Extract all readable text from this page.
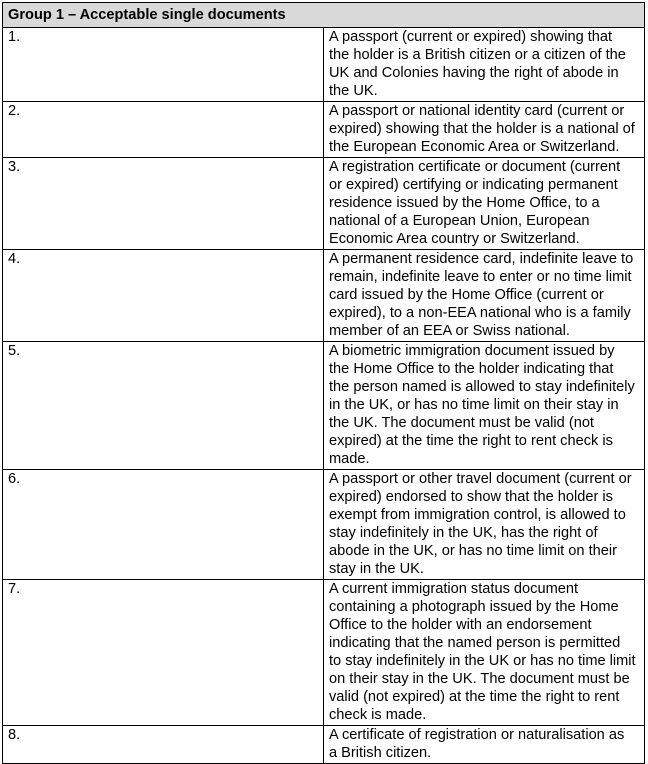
Group 1 – Acceptable single documents	
1.	A passport (current or expired) showing that the holder is a British citizen or a citizen of the UK and Colonies having the right of abode in the UK.
2.	A passport or national identity card (current or expired) showing that the holder is a national of the European Economic Area or Switzerland.
3.	A registration certificate or document (current or expired) certifying or indicating permanent residence issued by the Home Office, to a national of a European Union, European Economic Area country or Switzerland.
4.	A permanent residence card, indefinite leave to remain, indefinite leave to enter or no time limit card issued by the Home Office (current or expired), to a non-EEA national who is a family member of an EEA or Swiss national.
5.	A biometric immigration document issued by the Home Office to the holder indicating that the person named is allowed to stay indefinitely in the UK, or has no time limit on their stay in the UK. The document must be valid (not expired) at the time the right to rent check is made.
6.	A passport or other travel document (current or expired) endorsed to show that the holder is exempt from immigration control, is allowed to stay indefinitely in the UK, has the right of abode in the UK, or has no time limit on their stay in the UK.
7.	A current immigration status document containing a photograph issued by the Home Office to the holder with an endorsement indicating that the named person is permitted to stay indefinitely in the UK or has no time limit on their stay in the UK. The document must be valid (not expired) at the time the right to rent check is made.
8.	A certificate of registration or naturalisation as a British citizen.
